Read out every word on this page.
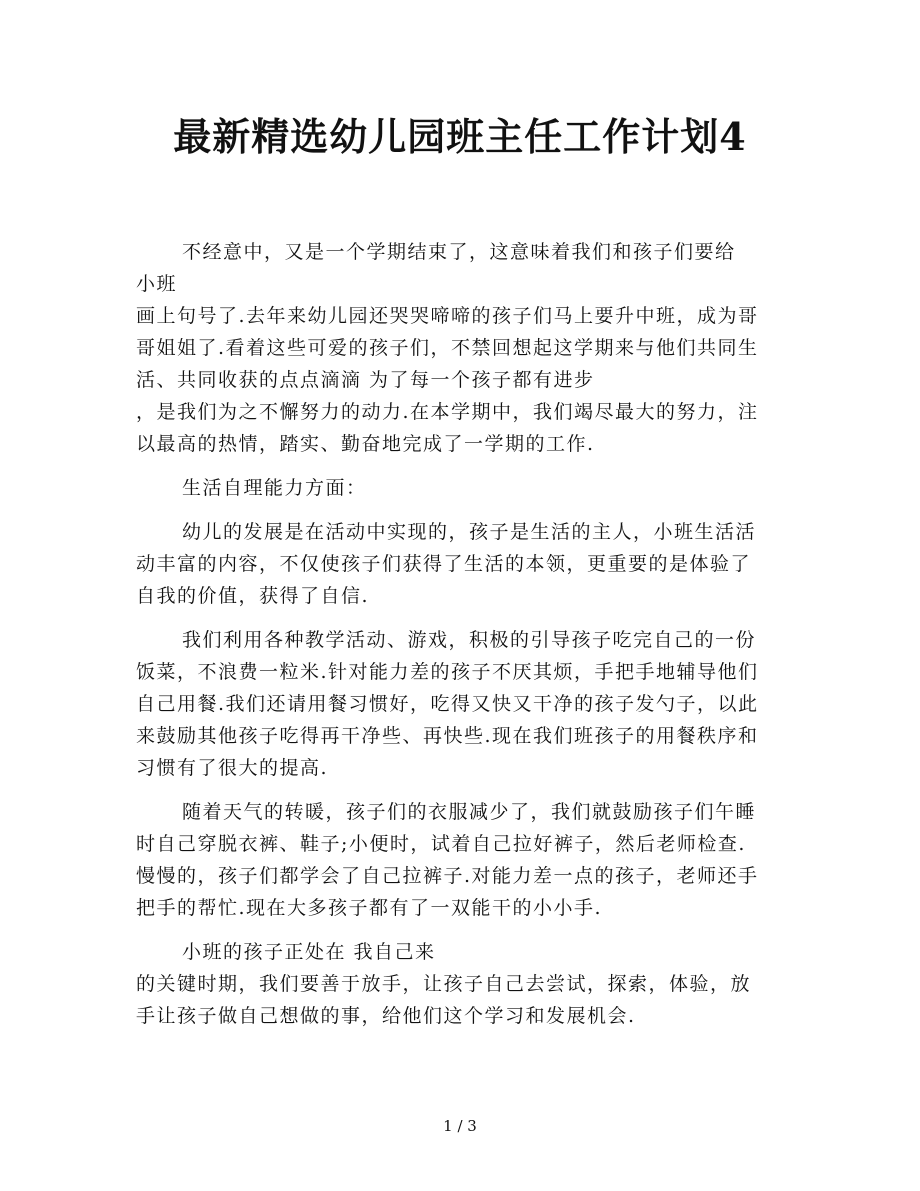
最新精选幼儿园班主任工作计划4
不经意中，又是一个学期结束了，这意味着我们和孩子们要给
小班
画上句号了.去年来幼儿园还哭哭啼啼的孩子们马上要升中班，成为哥
哥姐姐了.看着这些可爱的孩子们，不禁回想起这学期来与他们共同生
活、共同收获的点点滴滴 为了每一个孩子都有进步
，是我们为之不懈努力的动力.在本学期中，我们竭尽最大的努力，注
以最高的热情，踏实、勤奋地完成了一学期的工作.
生活自理能力方面：
幼儿的发展是在活动中实现的，孩子是生活的主人，小班生活活
动丰富的内容，不仅使孩子们获得了生活的本领，更重要的是体验了
自我的价值，获得了自信.
我们利用各种教学活动、游戏，积极的引导孩子吃完自己的一份
饭菜，不浪费一粒米.针对能力差的孩子不厌其烦，手把手地辅导他们
自己用餐.我们还请用餐习惯好，吃得又快又干净的孩子发勺子，以此
来鼓励其他孩子吃得再干净些、再快些.现在我们班孩子的用餐秩序和
习惯有了很大的提高.
随着天气的转暖，孩子们的衣服减少了，我们就鼓励孩子们午睡
时自己穿脱衣裤、鞋子;小便时，试着自己拉好裤子，然后老师检查.
慢慢的，孩子们都学会了自己拉裤子.对能力差一点的孩子，老师还手
把手的帮忙.现在大多孩子都有了一双能干的小小手.
小班的孩子正处在 我自己来
的关键时期，我们要善于放手，让孩子自己去尝试，探索，体验，放
手让孩子做自己想做的事，给他们这个学习和发展机会.
1 / 3
